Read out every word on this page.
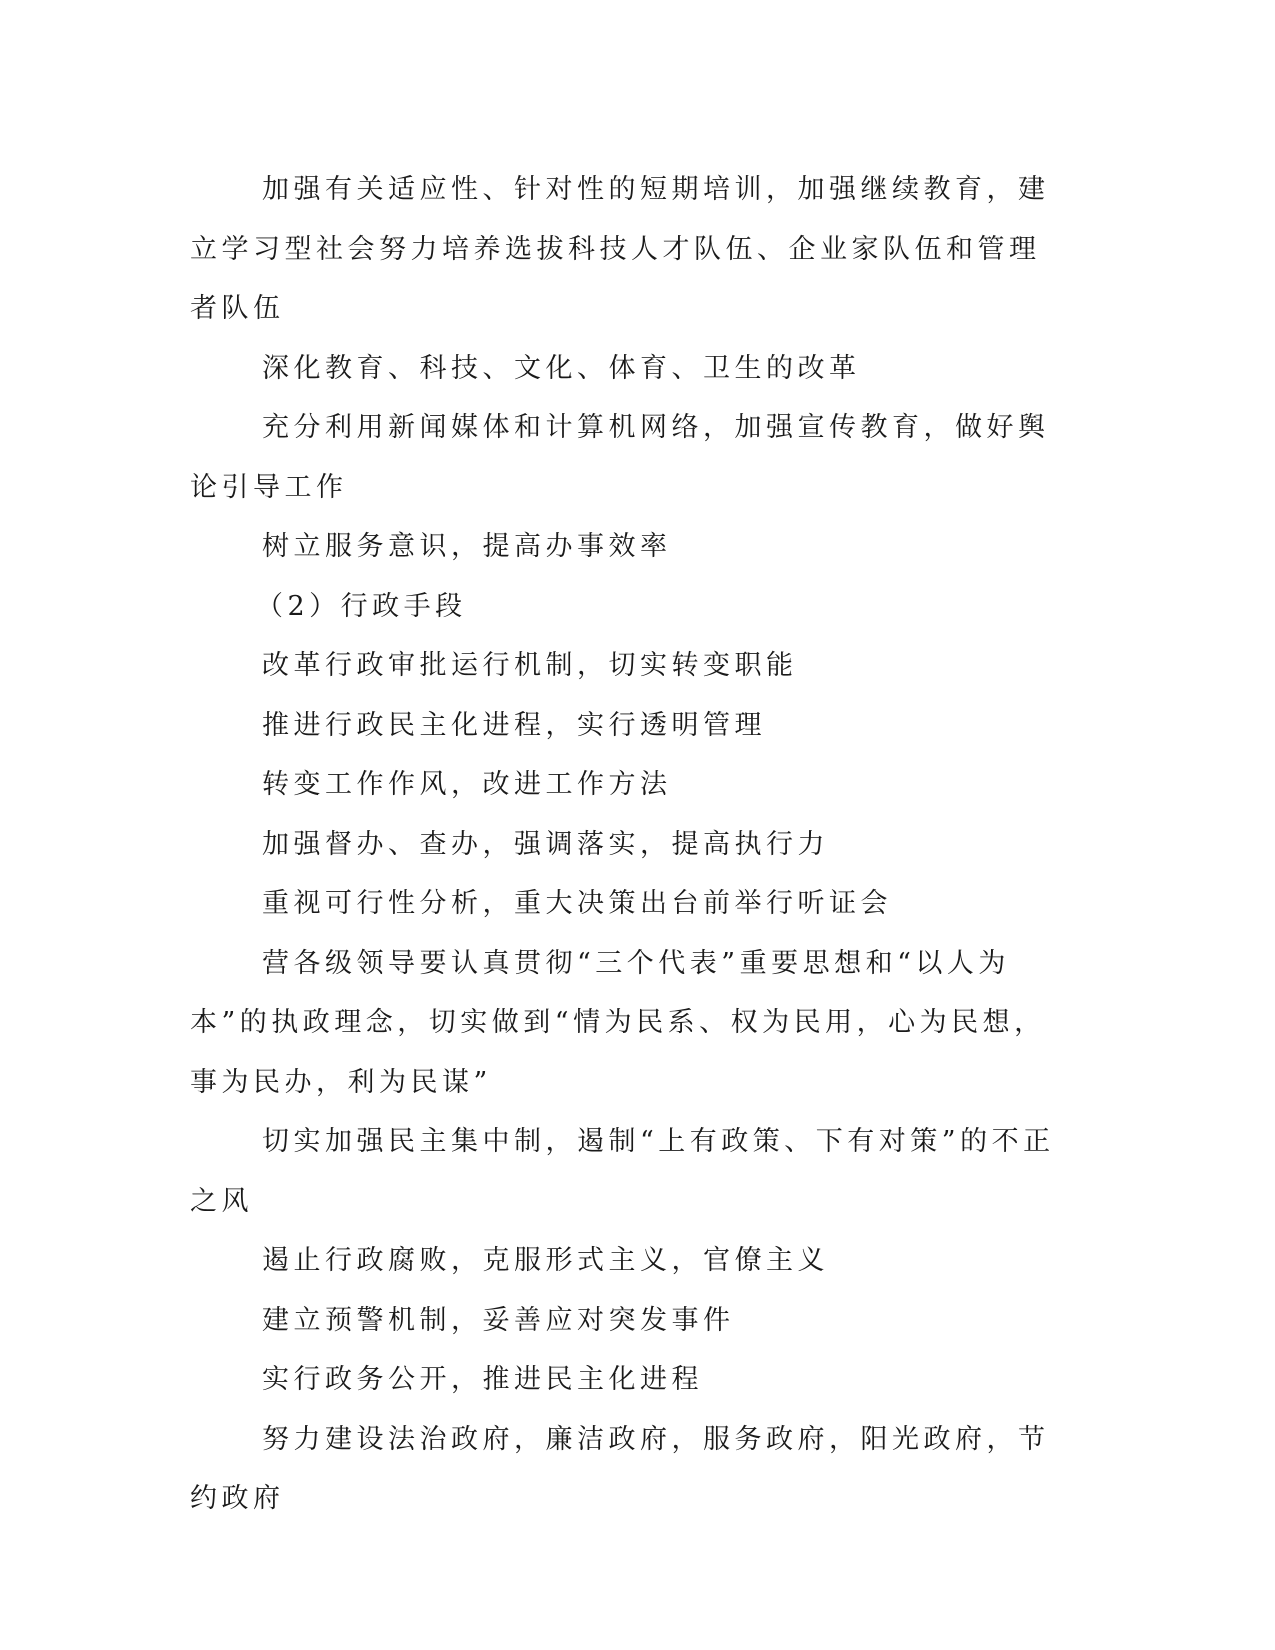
加强有关适应性、针对性的短期培训，加强继续教育，建立学习型社会努力培养选拔科技人才队伍、企业家队伍和管理者队伍

深化教育、科技、文化、体育、卫生的改革

充分利用新闻媒体和计算机网络，加强宣传教育，做好舆论引导工作

树立服务意识，提高办事效率

（2）行政手段

改革行政审批运行机制，切实转变职能

推进行政民主化进程，实行透明管理

转变工作作风，改进工作方法

加强督办、查办，强调落实，提高执行力

重视可行性分析，重大决策出台前举行听证会

营各级领导要认真贯彻“三个代表”重要思想和“以人为本”的执政理念，切实做到“情为民系、权为民用，心为民想，事为民办，利为民谋”

切实加强民主集中制，遏制“上有政策、下有对策”的不正之风

遏止行政腐败，克服形式主义，官僚主义

建立预警机制，妥善应对突发事件

实行政务公开，推进民主化进程

努力建设法治政府，廉洁政府，服务政府，阳光政府，节约政府
